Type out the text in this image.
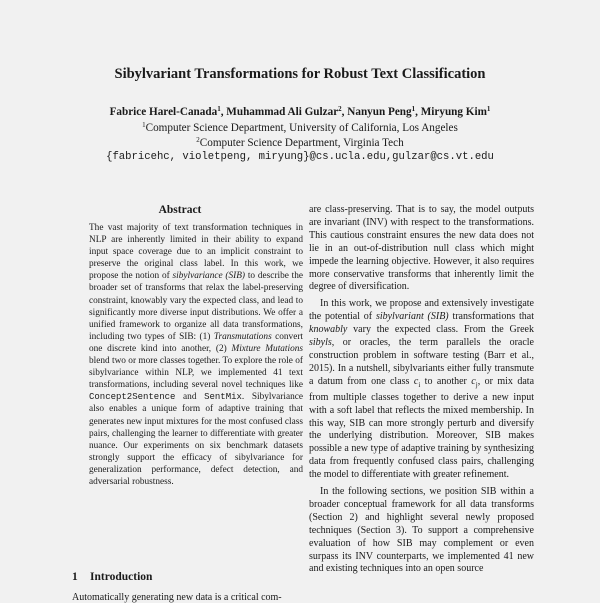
Sibylvariant Transformations for Robust Text Classification
Fabrice Harel-Canada$^1$, Muhammad Ali Gulzar$^2$, Nanyun Peng$^1$, Miryung Kim$^1$
$^1$Computer Science Department, University of California, Los Angeles
$^2$Computer Science Department, Virginia Tech
{fabricehc, violetpeng, miryung}@cs.ucla.edu,gulzar@cs.vt.edu
Abstract
The vast majority of text transformation techniques in NLP are inherently limited in their ability to expand input space coverage due to an implicit constraint to preserve the original class label. In this work, we propose the notion of sibylvariance (SIB) to describe the broader set of transforms that relax the label-preserving constraint, knowably vary the expected class, and lead to significantly more diverse input distributions. We offer a unified framework to organize all data transformations, including two types of SIB: (1) Transmutations convert one discrete kind into another, (2) Mixture Mutations blend two or more classes together. To explore the role of sibylvariance within NLP, we implemented 41 text transformations, including several novel techniques like Concept2Sentence and SentMix. Sibylvariance also enables a unique form of adaptive training that generates new input mixtures for the most confused class pairs, challenging the learner to differentiate with greater nuance. Our experiments on six benchmark datasets strongly support the efficacy of sibylvariance for generalization performance, defect detection, and adversarial robustness.
1 Introduction
Automatically generating new data is a critical com-

are class-preserving. That is to say, the model outputs are invariant (INV) with respect to the transformations. This cautious constraint ensures the new data does not lie in an out-of-distribution null class which might impede the learning objective. However, it also requires more conservative transforms that inherently limit the degree of diversification.

In this work, we propose and extensively investigate the potential of sibylvariant (SIB) transformations that knowably vary the expected class. From the Greek sibyls, or oracles, the term parallels the oracle construction problem in software testing (Barr et al., 2015). In a nutshell, sibylvariants either fully transmute a datum from one class $c_i$ to another $c_j$, or mix data from multiple classes together to derive a new input with a soft label that reflects the mixed membership. In this way, SIB can more strongly perturb and diversify the underlying distribution. Moreover, SIB makes possible a new type of adaptive training by synthesizing data from frequently confused class pairs, challenging the model to differentiate with greater refinement.

In the following sections, we position SIB within a broader conceptual framework for all data transforms (Section 2) and highlight several newly proposed techniques (Section 3). To support a comprehensive evaluation of how SIB may complement or even surpass its INV counterparts, we implemented 41 new and existing techniques into an open source
